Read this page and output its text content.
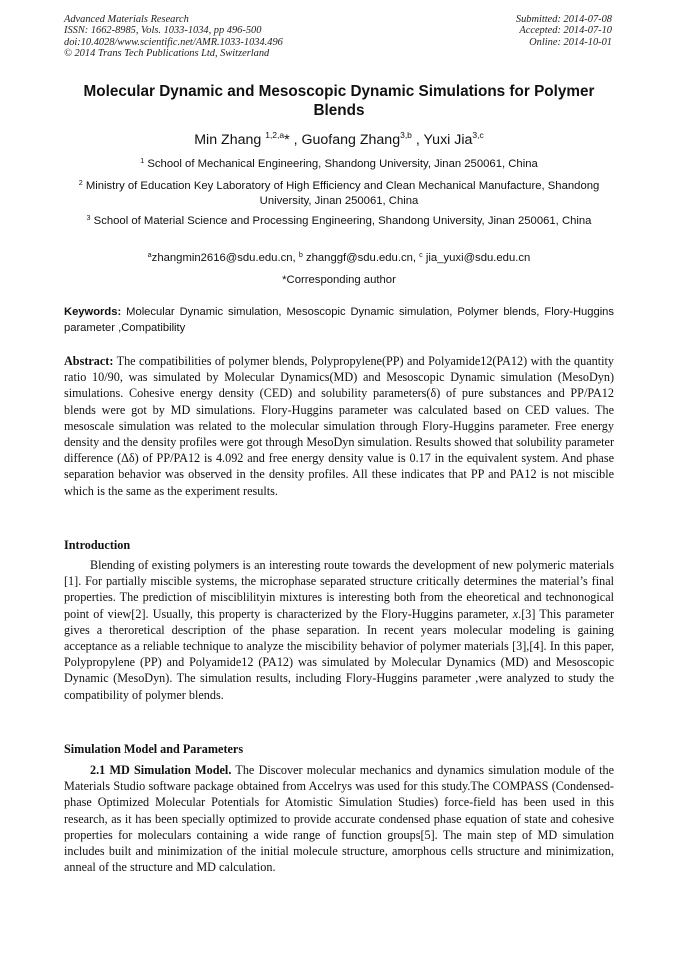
Advanced Materials Research
ISSN: 1662-8985, Vols. 1033-1034, pp 496-500
doi:10.4028/www.scientific.net/AMR.1033-1034.496
© 2014 Trans Tech Publications Ltd, Switzerland
Submitted: 2014-07-08
Accepted: 2014-07-10
Online: 2014-10-01
Molecular Dynamic and Mesoscopic Dynamic Simulations for Polymer Blends
Min Zhang $^{1,2,a}$* , Guofang Zhang$^{3,b}$ , Yuxi Jia$^{3,c}$
$^1$ School of Mechanical Engineering, Shandong University, Jinan 250061, China
$^2$ Ministry of Education Key Laboratory of High Efficiency and Clean Mechanical Manufacture, Shandong University, Jinan 250061, China
$^3$ School of Material Science and Processing Engineering, Shandong University, Jinan 250061, China
$^a$zhangmin2616@sdu.edu.cn, $^b$ zhanggf@sdu.edu.cn, $^c$ jia_yuxi@sdu.edu.cn
*Corresponding author
Keywords: Molecular Dynamic simulation, Mesoscopic Dynamic simulation, Polymer blends, Flory-Huggins parameter ,Compatibility
Abstract: The compatibilities of polymer blends, Polypropylene(PP) and Polyamide12(PA12) with the quantity ratio 10/90, was simulated by Molecular Dynamics(MD) and Mesoscopic Dynamic simulation (MesoDyn) simulations. Cohesive energy density (CED) and solubility parameters(δ) of pure substances and PP/PA12 blends were got by MD simulations. Flory-Huggins parameter was calculated based on CED values. The mesoscale simulation was related to the molecular simulation through Flory-Huggins parameter. Free energy density and the density profiles were got through MesoDyn simulation. Results showed that solubility parameter difference (Δδ) of PP/PA12 is 4.092 and free energy density value is 0.17 in the equivalent system. And phase separation behavior was observed in the density profiles. All these indicates that PP and PA12 is not miscible which is the same as the experiment results.
Introduction
Blending of existing polymers is an interesting route towards the development of new polymeric materials [1]. For partially miscible systems, the microphase separated structure critically determines the material’s final properties. The prediction of misciblilityin mixtures is interesting both from the eheoretical and technonogical point of view[2]. Usually, this property is characterized by the Flory-Huggins parameter, x.[3] This parameter gives a theroretical description of the phase separation. In recent years molecular modeling is gaining acceptance as a reliable technique to analyze the miscibility behavior of polymer materials [3],[4]. In this paper, Polypropylene (PP) and Polyamide12 (PA12) was simulated by Molecular Dynamics (MD) and Mesoscopic Dynamic (MesoDyn). The simulation results, including Flory-Huggins parameter ,were analyzed to study the compatibility of polymer blends.
Simulation Model and Parameters
2.1 MD Simulation Model. The Discover molecular mechanics and dynamics simulation module of the Materials Studio software package obtained from Accelrys was used for this study.The COMPASS (Condensed-phase Optimized Molecular Potentials for Atomistic Simulation Studies) force-field has been used in this research, as it has been specially optimized to provide accurate condensed phase equation of state and cohesive properties for moleculars containing a wide range of function groups[5]. The main step of MD simulation includes built and minimization of the initial molecule structure, amorphous cells structure and minimization, anneal of the structure and MD calculation.
